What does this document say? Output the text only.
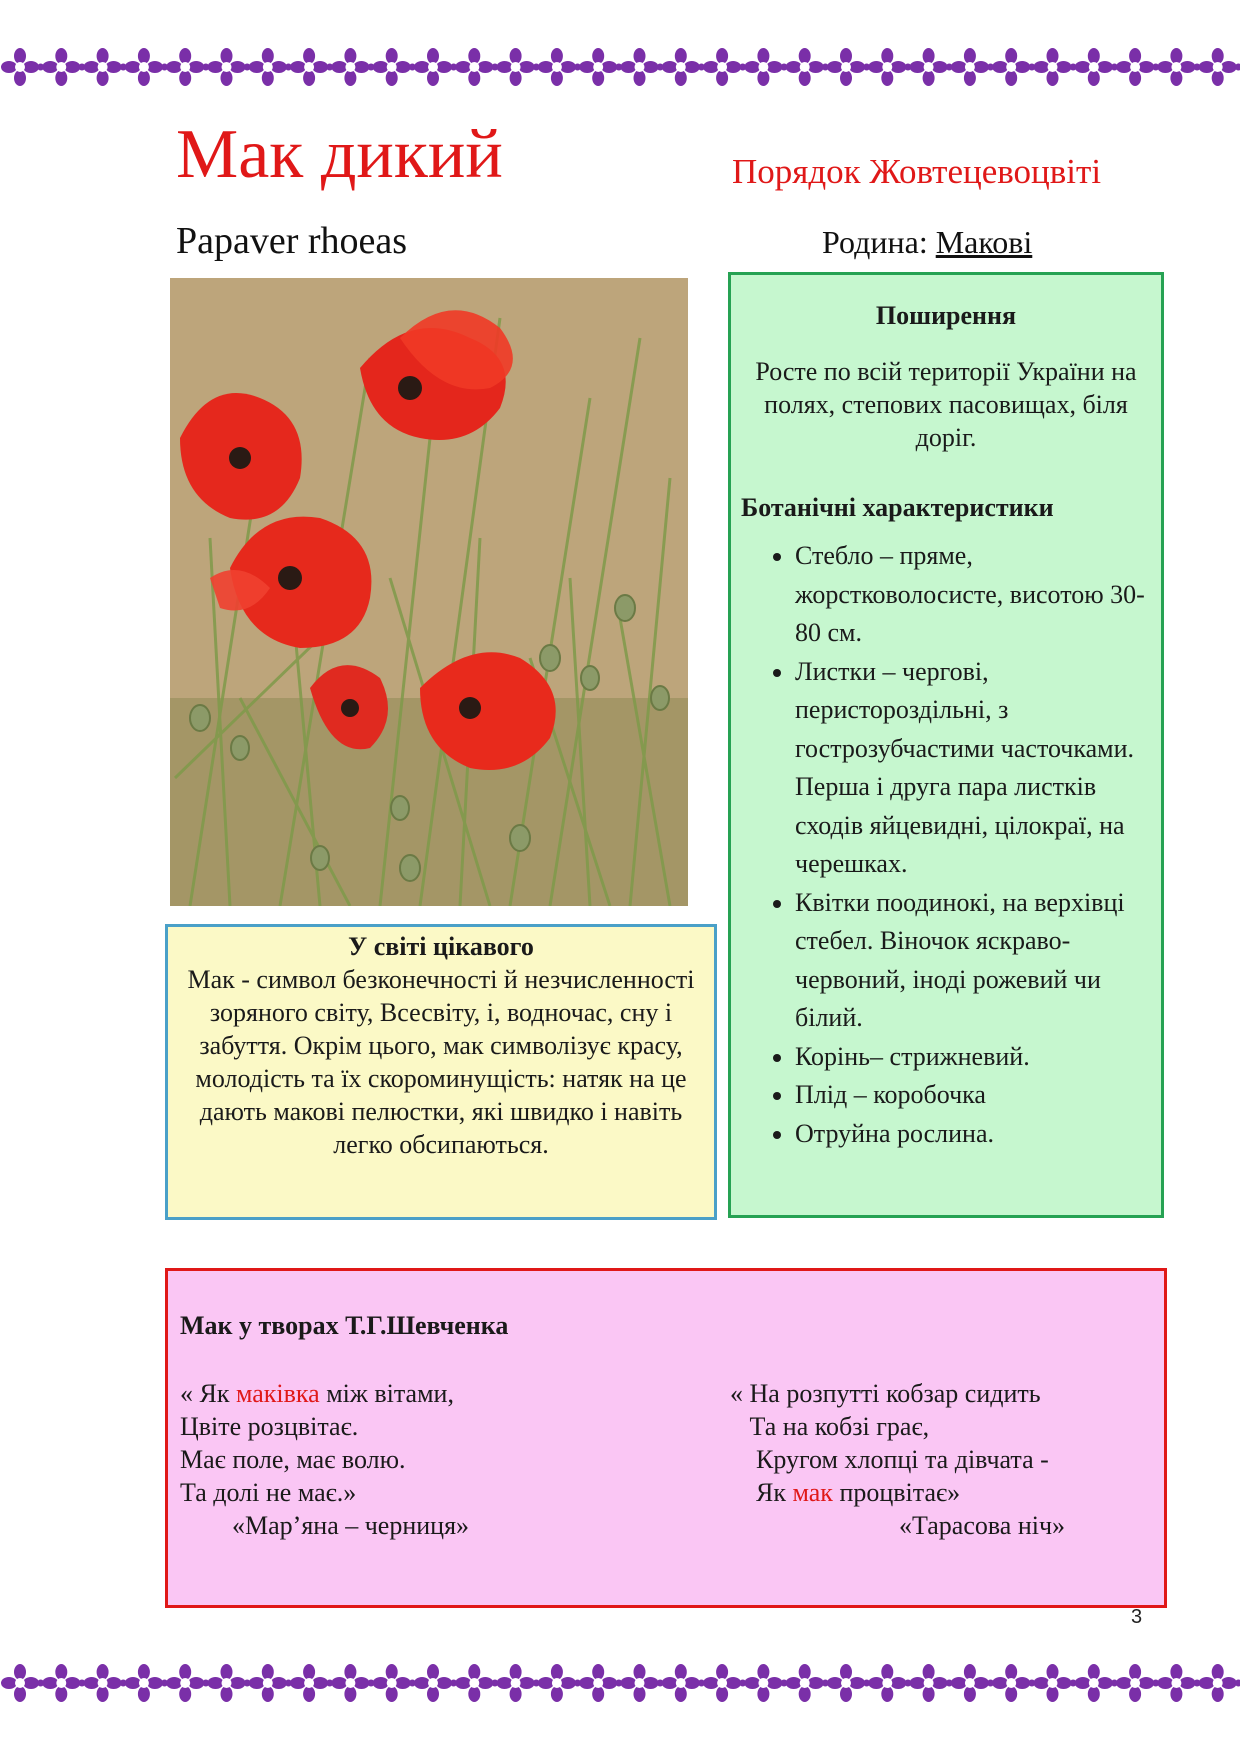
Мак дикий	Порядок Жовтецевоцвіті
Papaver rhoeas	Родина: Макові
Поширення
Росте по всій території України на полях, степових пасовищах, біля доріг.
Ботанічні характеристики
• Стебло – пряме, жорстковолосисте, висотою 30- 80 см.
• Листки – чергові, перистороздільні, з гострозубчастими часточками. Перша і друга пара листків сходів яйцевидні, цілокраї, на черешках.
• Квітки поодинокі, на верхівці стебел. Віночок яскраво-червоний, іноді рожевий чи білий.
• Корінь– стрижневий.
• Плід – коробочка
• Отруйна рослина.
У світі цікавого
Мак - символ безконечності й незчисленності зоряного світу, Всесвіту, і, водночас, сну і забуття. Окрім цього, мак символізує красу, молодість та їх скороминущість: натяк на це дають макові пелюстки, які швидко і навіть легко обсипаються.
Мак у творах Т.Г.Шевченка
« Як маківка між вітами,
Цвіте розцвітає.
Має поле, має волю.
Та долі не має.»
«Мар’яна – черниця»
« На розпутті кобзар сидить
Та на кобзі грає,
Кругом хлопці та дівчата -
Як мак процвітає»
«Тарасова ніч»
3
